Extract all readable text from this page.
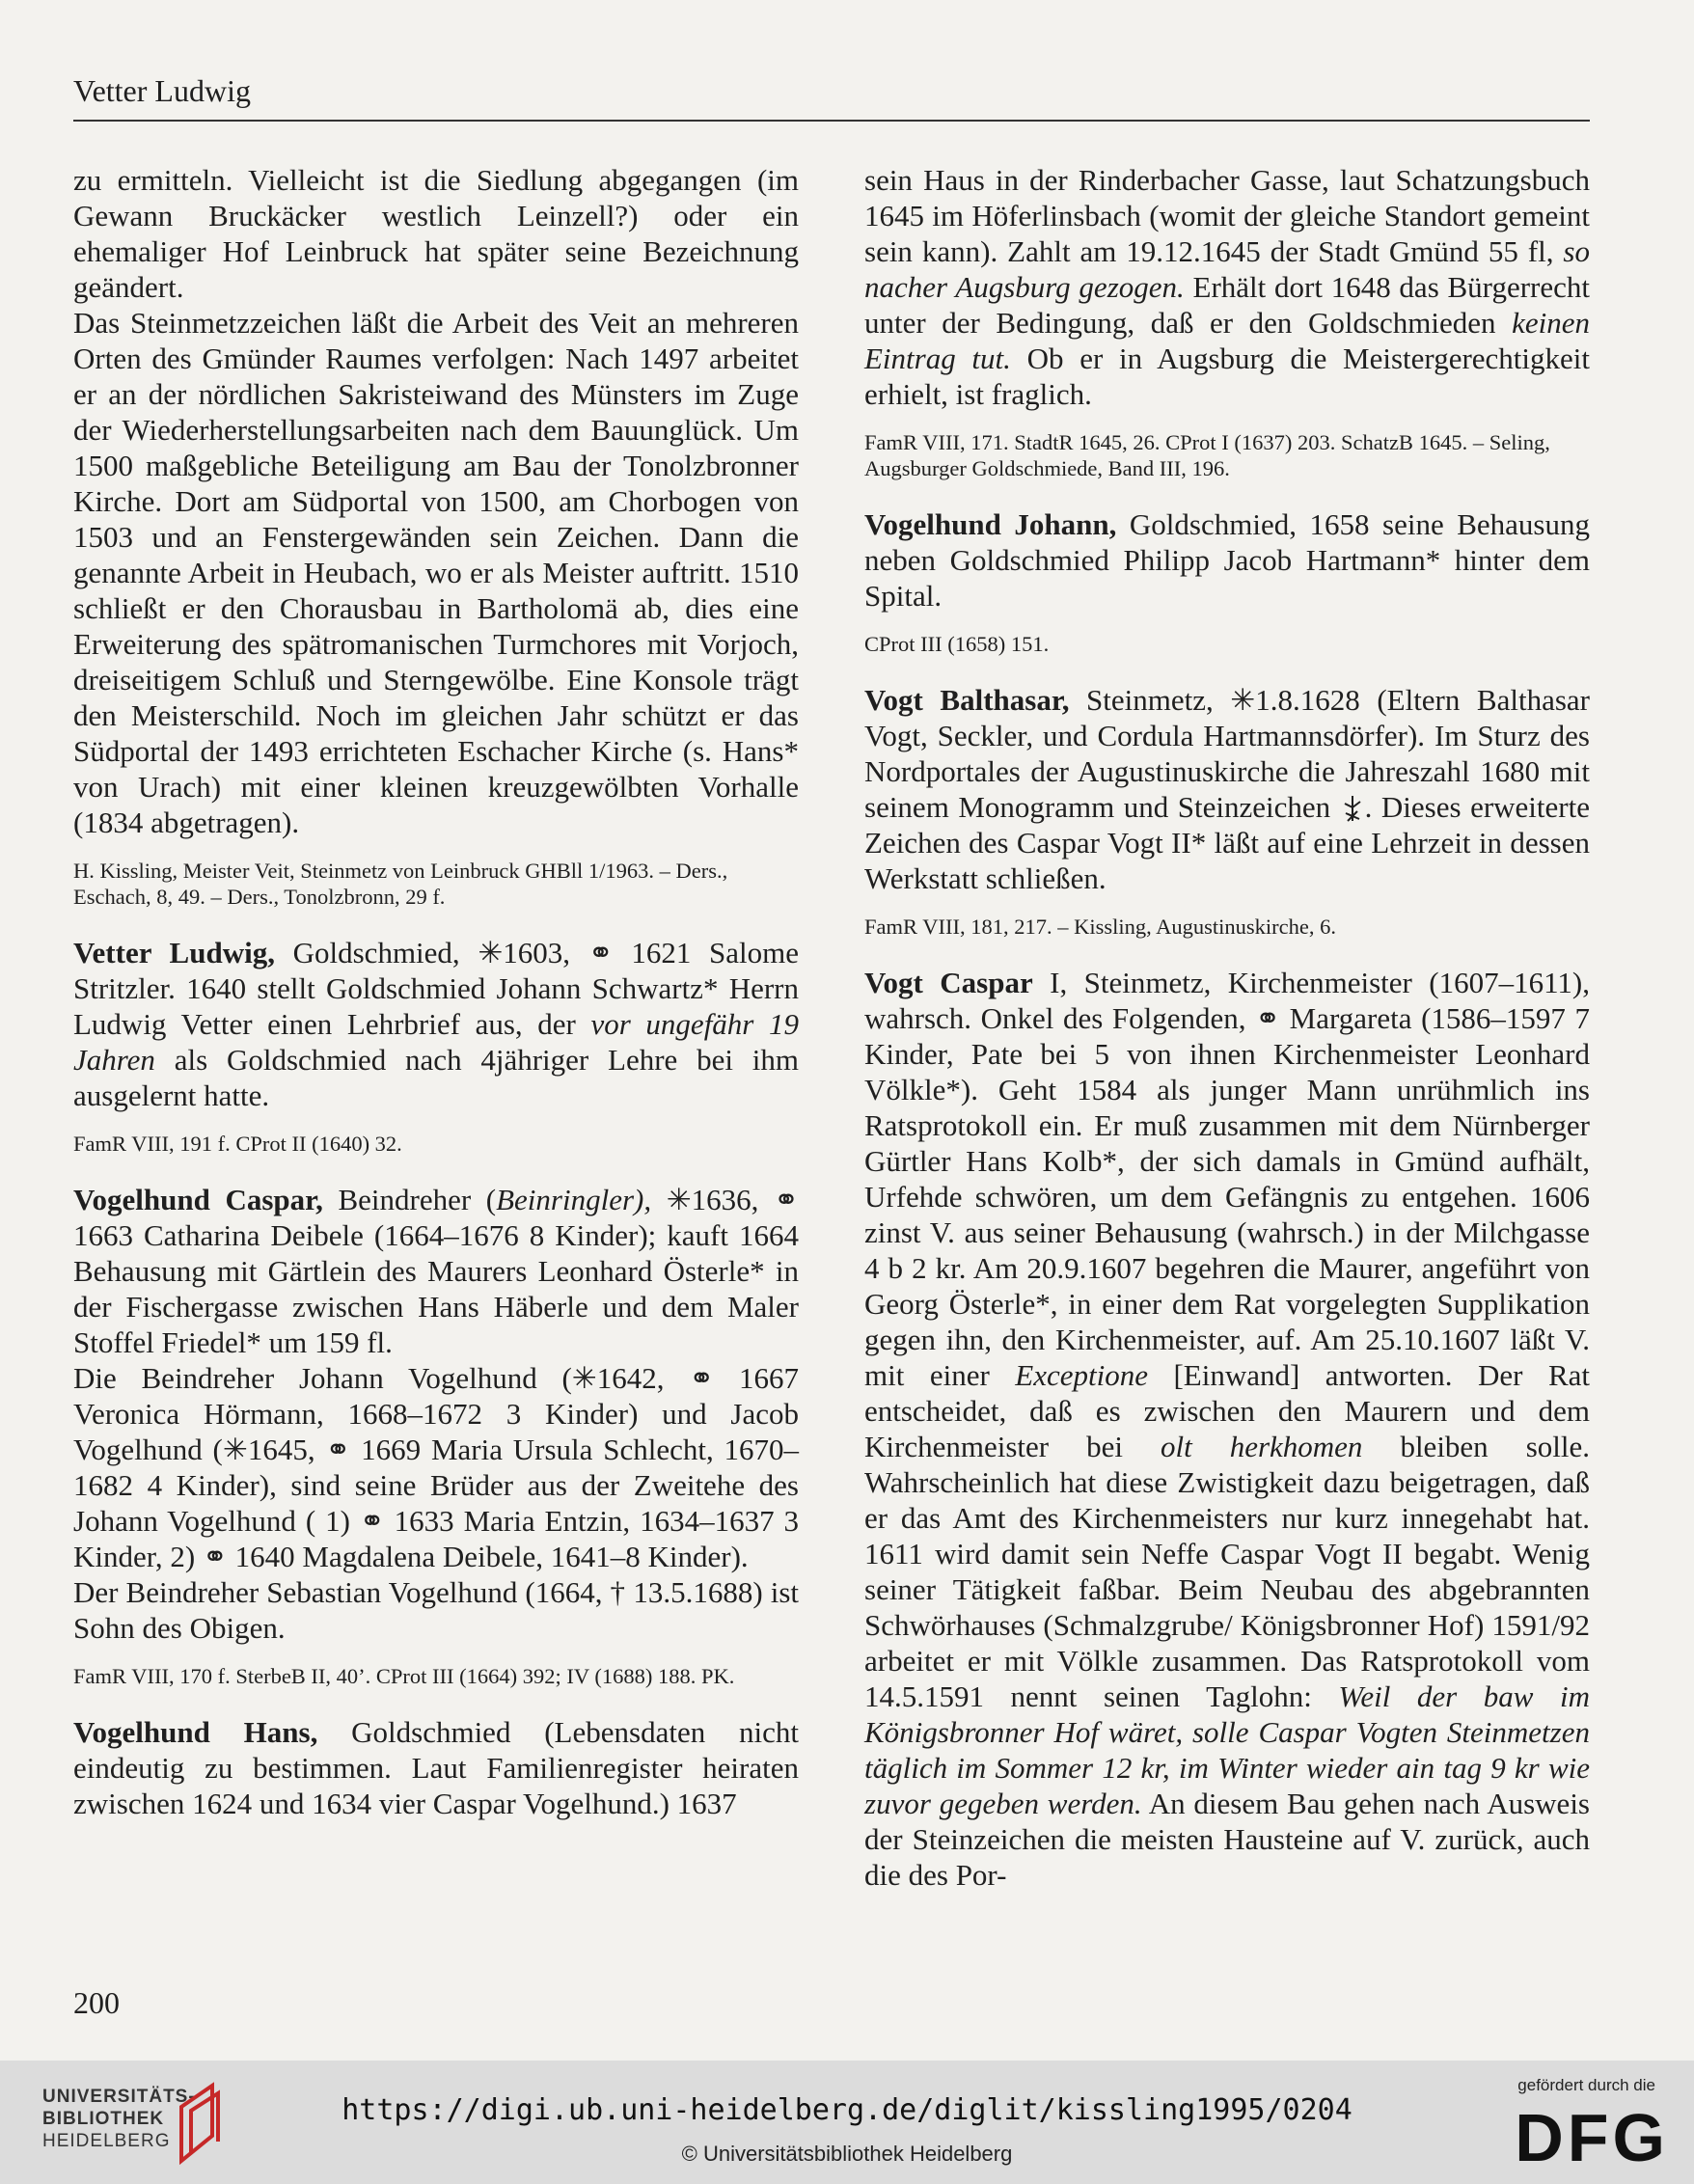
Vetter Ludwig

zu ermitteln. Vielleicht ist die Siedlung abgegangen (im Gewann Bruckäcker westlich Leinzell?) oder ein ehemaliger Hof Leinbruck hat später seine Bezeichnung geändert.

Das Steinmetzzeichen läßt die Arbeit des Veit an mehreren Orten des Gmünder Raumes verfolgen: Nach 1497 arbeitet er an der nördlichen Sakristeiwand des Münsters im Zuge der Wiederherstellungsarbeiten nach dem Bauunglück. Um 1500 maßgebliche Beteiligung am Bau der Tonolzbronner Kirche. Dort am Südportal von 1500, am Chorbogen von 1503 und an Fenstergewänden sein Zeichen. Dann die genannte Arbeit in Heubach, wo er als Meister auftritt. 1510 schließt er den Chorausbau in Bartholomä ab, dies eine Erweiterung des spätromanischen Turmchores mit Vorjoch, dreiseitigem Schluß und Sterngewölbe. Eine Konsole trägt den Meisterschild. Noch im gleichen Jahr schützt er das Südportal der 1493 errichteten Eschacher Kirche (s. Hans* von Urach) mit einer kleinen kreuzgewölbten Vorhalle (1834 abgetragen).

H. Kissling, Meister Veit, Steinmetz von Leinbruck GHBll 1/1963. – Ders., Eschach, 8, 49. – Ders., Tonolzbronn, 29 f.

Vetter Ludwig, Goldschmied, ✳1603, ⚭ 1621 Salome Stritzler. 1640 stellt Goldschmied Johann Schwartz* Herrn Ludwig Vetter einen Lehrbrief aus, der vor ungefähr 19 Jahren als Goldschmied nach 4jähriger Lehre bei ihm ausgelernt hatte.

FamR VIII, 191 f. CProt II (1640) 32.

Vogelhund Caspar, Beindreher (Beinringler), ✳1636, ⚭ 1663 Catharina Deibele (1664–1676 8 Kinder); kauft 1664 Behausung mit Gärtlein des Maurers Leonhard Österle* in der Fischergasse zwischen Hans Häberle und dem Maler Stoffel Friedel* um 159 fl.

Die Beindreher Johann Vogelhund (✳1642, ⚭ 1667 Veronica Hörmann, 1668–1672 3 Kinder) und Jacob Vogelhund (✳1645, ⚭ 1669 Maria Ursula Schlecht, 1670–1682 4 Kinder), sind seine Brüder aus der Zweitehe des Johann Vogelhund ( 1) ⚭ 1633 Maria Entzin, 1634–1637 3 Kinder, 2) ⚭ 1640 Magdalena Deibele, 1641–8 Kinder).

Der Beindreher Sebastian Vogelhund (1664, † 13.5.1688) ist Sohn des Obigen.

FamR VIII, 170 f. SterbeB II, 40’. CProt III (1664) 392; IV (1688) 188. PK.

Vogelhund Hans, Goldschmied (Lebensdaten nicht eindeutig zu bestimmen. Laut Familienregister heiraten zwischen 1624 und 1634 vier Caspar Vogelhund.) 1637

sein Haus in der Rinderbacher Gasse, laut Schatzungsbuch 1645 im Höferlinsbach (womit der gleiche Standort gemeint sein kann). Zahlt am 19.12.1645 der Stadt Gmünd 55 fl, so nacher Augsburg gezogen. Erhält dort 1648 das Bürgerrecht unter der Bedingung, daß er den Goldschmieden keinen Eintrag tut. Ob er in Augsburg die Meistergerechtigkeit erhielt, ist fraglich.

FamR VIII, 171. StadtR 1645, 26. CProt I (1637) 203. SchatzB 1645. – Seling, Augsburger Goldschmiede, Band III, 196.

Vogelhund Johann, Goldschmied, 1658 seine Behausung neben Goldschmied Philipp Jacob Hartmann* hinter dem Spital.

CProt III (1658) 151.

Vogt Balthasar, Steinmetz, ✳1.8.1628 (Eltern Balthasar Vogt, Seckler, und Cordula Hartmannsdörfer). Im Sturz des Nordportales der Augustinuskirche die Jahreszahl 1680 mit seinem Monogramm und Steinzeichen . Dieses erweiterte Zeichen des Caspar Vogt II* läßt auf eine Lehrzeit in dessen Werkstatt schließen.

FamR VIII, 181, 217. – Kissling, Augustinuskirche, 6.

Vogt Caspar I, Steinmetz, Kirchenmeister (1607–1611), wahrsch. Onkel des Folgenden, ⚭ Margareta (1586–1597 7 Kinder, Pate bei 5 von ihnen Kirchenmeister Leonhard Völkle*). Geht 1584 als junger Mann unrühmlich ins Ratsprotokoll ein. Er muß zusammen mit dem Nürnberger Gürtler Hans Kolb*, der sich damals in Gmünd aufhält, Urfehde schwören, um dem Gefängnis zu entgehen. 1606 zinst V. aus seiner Behausung (wahrsch.) in der Milchgasse 4 b 2 kr. Am 20.9.1607 begehren die Maurer, angeführt von Georg Österle*, in einer dem Rat vorgelegten Supplikation gegen ihn, den Kirchenmeister, auf. Am 25.10.1607 läßt V. mit einer Exceptione [Einwand] antworten. Der Rat entscheidet, daß es zwischen den Maurern und dem Kirchenmeister bei olt herkhomen bleiben solle. Wahrscheinlich hat diese Zwistigkeit dazu beigetragen, daß er das Amt des Kirchenmeisters nur kurz innegehabt hat. 1611 wird damit sein Neffe Caspar Vogt II begabt. Wenig seiner Tätigkeit faßbar. Beim Neubau des abgebrannten Schwörhauses (Schmalzgrube/ Königsbronner Hof) 1591/92 arbeitet er mit Völkle zusammen. Das Ratsprotokoll vom 14.5.1591 nennt seinen Taglohn: Weil der baw im Königsbronner Hof wäret, solle Caspar Vogten Steinmetzen täglich im Sommer 12 kr, im Winter wieder ain tag 9 kr wie zuvor gegeben werden. An diesem Bau gehen nach Ausweis der Steinzeichen die meisten Hausteine auf V. zurück, auch die des Por-

200
UNIVERSITÄTS-
BIBLIOTHEK
HEIDELBERG
https://digi.ub.uni-heidelberg.de/diglit/kissling1995/0204
© Universitätsbibliothek Heidelberg
gefördert durch die
DFG
